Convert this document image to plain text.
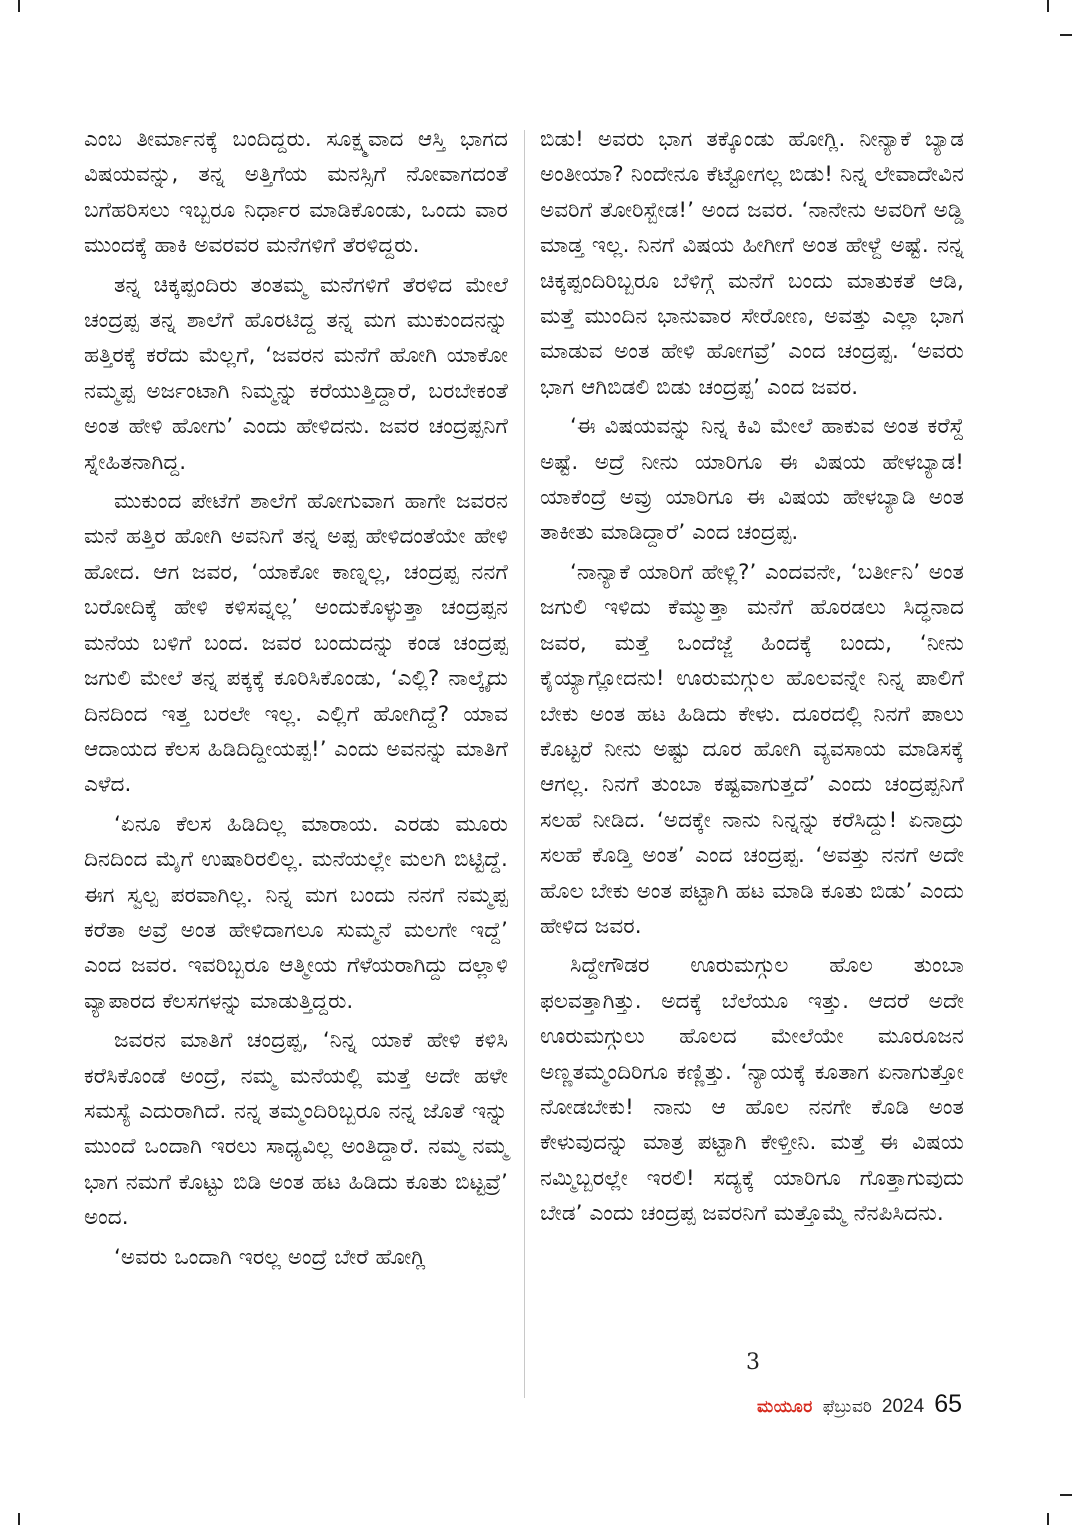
ಎಂಬ ತೀರ್ಮಾನಕ್ಕೆ ಬಂದಿದ್ದರು. ಸೂಕ್ಷ್ಮವಾದ ಆಸ್ತಿ ಭಾಗದ ವಿಷಯವನ್ನು, ತನ್ನ ಅತ್ತಿಗೆಯ ಮನಸ್ಸಿಗೆ ನೋವಾಗದಂತೆ ಬಗೆಹರಿಸಲು ಇಬ್ಬರೂ ನಿರ್ಧಾರ ಮಾಡಿಕೊಂಡು, ಒಂದು ವಾರ ಮುಂದಕ್ಕೆ ಹಾಕಿ ಅವರವರ ಮನೆಗಳಿಗೆ ತೆರಳಿದ್ದರು.

ತನ್ನ ಚಿಕ್ಕಪ್ಪಂದಿರು ತಂತಮ್ಮ ಮನೆಗಳಿಗೆ ತೆರಳಿದ ಮೇಲೆ ಚಂದ್ರಪ್ಪ ತನ್ನ ಶಾಲೆಗೆ ಹೊರಟಿದ್ದ ತನ್ನ ಮಗ ಮುಕುಂದನನ್ನು ಹತ್ತಿರಕ್ಕೆ ಕರೆದು ಮೆಲ್ಲಗೆ, ‘ಜವರನ ಮನೆಗೆ ಹೋಗಿ ಯಾಕೋ ನಮ್ಮಪ್ಪ ಅರ್ಜಂಟಾಗಿ ನಿಮ್ಮನ್ನು ಕರೆಯುತ್ತಿದ್ದಾರೆ, ಬರಬೇಕಂತೆ ಅಂತ ಹೇಳಿ ಹೋಗು’ ಎಂದು ಹೇಳಿದನು. ಜವರ ಚಂದ್ರಪ್ಪನಿಗೆ ಸ್ನೇಹಿತನಾಗಿದ್ದ.

ಮುಕುಂದ ಪೇಟೆಗೆ ಶಾಲೆಗೆ ಹೋಗುವಾಗ ಹಾಗೇ ಜವರನ ಮನೆ ಹತ್ತಿರ ಹೋಗಿ ಅವನಿಗೆ ತನ್ನ ಅಪ್ಪ ಹೇಳಿದಂತೆಯೇ ಹೇಳಿ ಹೋದ. ಆಗ ಜವರ, ‘ಯಾಕೋ ಕಾಣ್ನಲ್ಲ, ಚಂದ್ರಪ್ಪ ನನಗೆ ಬರೋದಿಕ್ಕೆ ಹೇಳಿ ಕಳಿಸವ್ನಲ್ಲ’ ಅಂದುಕೊಳ್ಳುತ್ತಾ ಚಂದ್ರಪ್ಪನ ಮನೆಯ ಬಳಿಗೆ ಬಂದ. ಜವರ ಬಂದುದನ್ನು ಕಂಡ ಚಂದ್ರಪ್ಪ ಜಗುಲಿ ಮೇಲೆ ತನ್ನ ಪಕ್ಕಕ್ಕೆ ಕೂರಿಸಿಕೊಂಡು, ‘ಎಲ್ಲಿ? ನಾಲ್ಕೈದು ದಿನದಿಂದ ಇತ್ತ ಬರಲೇ ಇಲ್ಲ. ಎಲ್ಲಿಗೆ ಹೋಗಿದ್ದೆ? ಯಾವ ಆದಾಯದ ಕೆಲಸ ಹಿಡಿದಿದ್ದೀಯಪ್ಪ!’ ಎಂದು ಅವನನ್ನು ಮಾತಿಗೆ ಎಳೆದ.

‘ಏನೂ ಕೆಲಸ ಹಿಡಿದಿಲ್ಲ ಮಾರಾಯ. ಎರಡು ಮೂರು ದಿನದಿಂದ ಮೈಗೆ ಉಷಾರಿರಲಿಲ್ಲ. ಮನೆಯಲ್ಲೇ ಮಲಗಿ ಬಿಟ್ಟಿದ್ದೆ. ಈಗ ಸ್ವಲ್ಪ ಪರವಾಗಿಲ್ಲ. ನಿನ್ನ ಮಗ ಬಂದು ನನಗೆ ನಮ್ಮಪ್ಪ ಕರೆತಾ ಅವ್ರೆ ಅಂತ ಹೇಳಿದಾಗಲೂ ಸುಮ್ಮನೆ ಮಲಗೇ ಇದ್ದೆ’ ಎಂದ ಜವರ. ಇವರಿಬ್ಬರೂ ಆತ್ಮೀಯ ಗೆಳೆಯರಾಗಿದ್ದು ದಲ್ಲಾಳಿ ವ್ಯಾಪಾರದ ಕೆಲಸಗಳನ್ನು ಮಾಡುತ್ತಿದ್ದರು.

ಜವರನ ಮಾತಿಗೆ ಚಂದ್ರಪ್ಪ, ‘ನಿನ್ನ ಯಾಕೆ ಹೇಳಿ ಕಳಿಸಿ ಕರೆಸಿಕೊಂಡೆ ಅಂದ್ರೆ, ನಮ್ಮ ಮನೆಯಲ್ಲಿ ಮತ್ತೆ ಅದೇ ಹಳೇ ಸಮಸ್ಯೆ ಎದುರಾಗಿದೆ. ನನ್ನ ತಮ್ಮಂದಿರಿಬ್ಬರೂ ನನ್ನ ಜೊತೆ ಇನ್ನು ಮುಂದೆ ಒಂದಾಗಿ ಇರಲು ಸಾಧ್ಯವಿಲ್ಲ ಅಂತಿದ್ದಾರೆ. ನಮ್ಮ ನಮ್ಮ ಭಾಗ ನಮಗೆ ಕೊಟ್ಟು ಬಿಡಿ ಅಂತ ಹಟ ಹಿಡಿದು ಕೂತು ಬಿಟ್ಟವ್ರೆ’ ಅಂದ.

‘ಅವರು ಒಂದಾಗಿ ಇರಲ್ಲ ಅಂದ್ರೆ ಬೇರೆ ಹೋಗ್ಲಿ

ಬಿಡು! ಅವರು ಭಾಗ ತಕ್ಕೊಂಡು ಹೋಗ್ಲಿ. ನೀನ್ಯಾಕೆ ಬ್ಯಾಡ ಅಂತೀಯಾ? ನಿಂದೇನೂ ಕೆಟ್ಟೋಗಲ್ಲ ಬಿಡು! ನಿನ್ನ ಲೇವಾದೇವಿನ ಅವರಿಗೆ ತೋರಿಸ್ಬೇಡ!’ ಅಂದ ಜವರ. ‘ನಾನೇನು ಅವರಿಗೆ ಅಡ್ಡಿ ಮಾಡ್ತ ಇಲ್ಲ. ನಿನಗೆ ವಿಷಯ ಹೀಗೀಗೆ ಅಂತ ಹೇಳ್ದೆ ಅಷ್ಟೆ. ನನ್ನ ಚಿಕ್ಕಪ್ಪಂದಿರಿಬ್ಬರೂ ಬೆಳಿಗ್ಗೆ ಮನೆಗೆ ಬಂದು ಮಾತುಕತೆ ಆಡಿ, ಮತ್ತೆ ಮುಂದಿನ ಭಾನುವಾರ ಸೇರೋಣ, ಅವತ್ತು ಎಲ್ಲಾ ಭಾಗ ಮಾಡುವ ಅಂತ ಹೇಳಿ ಹೋಗವ್ರೆ’ ಎಂದ ಚಂದ್ರಪ್ಪ. ‘ಅವರು ಭಾಗ ಆಗಿಬಿಡಲಿ ಬಿಡು ಚಂದ್ರಪ್ಪ’ ಎಂದ ಜವರ.

‘ಈ ವಿಷಯವನ್ನು ನಿನ್ನ ಕಿವಿ ಮೇಲೆ ಹಾಕುವ ಅಂತ ಕರೆಸ್ದೆ ಅಷ್ಟೆ. ಅದ್ರೆ ನೀನು ಯಾರಿಗೂ ಈ ವಿಷಯ ಹೇಳಬ್ಯಾಡ! ಯಾಕೆಂದ್ರೆ ಅವ್ರು ಯಾರಿಗೂ ಈ ವಿಷಯ ಹೇಳಬ್ಯಾಡಿ ಅಂತ ತಾಕೀತು ಮಾಡಿದ್ದಾರೆ’ ಎಂದ ಚಂದ್ರಪ್ಪ.

‘ನಾನ್ಯಾಕೆ ಯಾರಿಗೆ ಹೇಳ್ಲಿ?’ ಎಂದವನೇ, ‘ಬರ್ತೀನಿ’ ಅಂತ ಜಗುಲಿ ಇಳಿದು ಕೆಮ್ಮುತ್ತಾ ಮನೆಗೆ ಹೊರಡಲು ಸಿದ್ಧನಾದ ಜವರ, ಮತ್ತೆ ಒಂದೆಜ್ಜೆ ಹಿಂದಕ್ಕೆ ಬಂದು, ‘ನೀನು ಕೈಯ್ಯಾಗ್ಲೋದನು! ಊರುಮಗ್ಗುಲ ಹೊಲವನ್ನೇ ನಿನ್ನ ಪಾಲಿಗೆ ಬೇಕು ಅಂತ ಹಟ ಹಿಡಿದು ಕೇಳು. ದೂರದಲ್ಲಿ ನಿನಗೆ ಪಾಲು ಕೊಟ್ಟರೆ ನೀನು ಅಷ್ಟು ದೂರ ಹೋಗಿ ವ್ಯವಸಾಯ ಮಾಡಿಸಕ್ಕೆ ಆಗಲ್ಲ. ನಿನಗೆ ತುಂಬಾ ಕಷ್ಟವಾಗುತ್ತದೆ’ ಎಂದು ಚಂದ್ರಪ್ಪನಿಗೆ ಸಲಹೆ ನೀಡಿದ. ‘ಅದಕ್ಕೇ ನಾನು ನಿನ್ನನ್ನು ಕರೆಸಿದ್ದು! ಏನಾದ್ರು ಸಲಹೆ ಕೊಡ್ತಿ ಅಂತ’ ಎಂದ ಚಂದ್ರಪ್ಪ. ‘ಅವತ್ತು ನನಗೆ ಅದೇ ಹೊಲ ಬೇಕು ಅಂತ ಪಟ್ಟಾಗಿ ಹಟ ಮಾಡಿ ಕೂತು ಬಿಡು’ ಎಂದು ಹೇಳಿದ ಜವರ.

ಸಿದ್ದೇಗೌಡರ ಊರುಮಗ್ಗುಲ ಹೊಲ ತುಂಬಾ ಫಲವತ್ತಾಗಿತ್ತು. ಅದಕ್ಕೆ ಬೆಲೆಯೂ ಇತ್ತು. ಆದರೆ ಅದೇ ಊರುಮಗ್ಗುಲು ಹೊಲದ ಮೇಲೆಯೇ ಮೂರೂಜನ ಅಣ್ಣತಮ್ಮಂದಿರಿಗೂ ಕಣ್ಣಿತ್ತು. ‘ನ್ಯಾಯಕ್ಕೆ ಕೂತಾಗ ಏನಾಗುತ್ತೋ ನೋಡಬೇಕು! ನಾನು ಆ ಹೊಲ ನನಗೇ ಕೊಡಿ ಅಂತ ಕೇಳುವುದನ್ನು ಮಾತ್ರ ಪಟ್ಟಾಗಿ ಕೇಳ್ತೀನಿ. ಮತ್ತೆ ಈ ವಿಷಯ ನಮ್ಮಿಬ್ಬರಲ್ಲೇ ಇರಲಿ! ಸದ್ಯಕ್ಕೆ ಯಾರಿಗೂ ಗೊತ್ತಾಗುವುದು ಬೇಡ’ ಎಂದು ಚಂದ್ರಪ್ಪ ಜವರನಿಗೆ ಮತ್ತೊಮ್ಮೆ ನೆನಪಿಸಿದನು.

3
ಮಯೂರ ಫೆಬ್ರುವರಿ 2024 65
